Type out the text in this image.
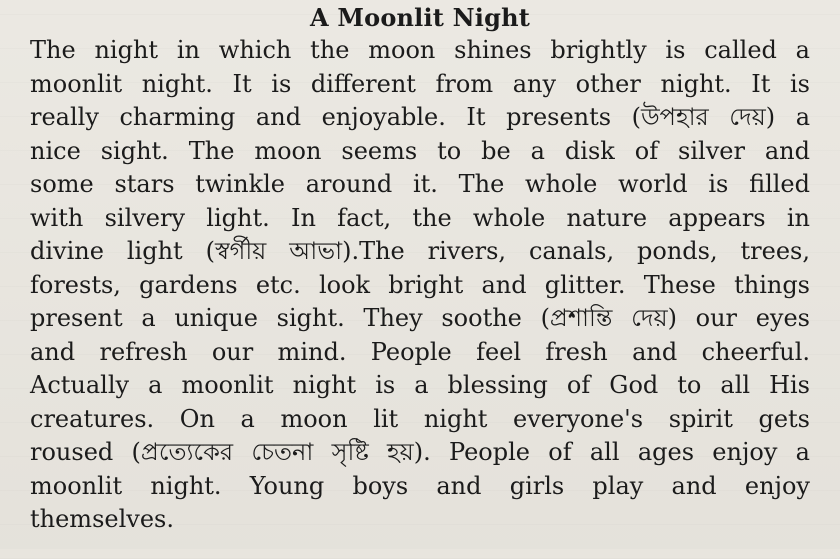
A Moonlit Night
The night in which the moon shines brightly is called a
moonlit night. It is different from any other night. It is
really charming and enjoyable. It presents (উপহার দেয়) a
nice sight. The moon seems to be a disk of silver and
some stars twinkle around it. The whole world is filled
with silvery light. In fact, the whole nature appears in
divine light (স্বর্গীয় আভা).The rivers, canals, ponds, trees,
forests, gardens etc. look bright and glitter. These things
present a unique sight. They soothe (প্রশান্তি দেয়) our eyes
and refresh our mind. People feel fresh and cheerful.
Actually a moonlit night is a blessing of God to all His
creatures. On a moon lit night everyone's spirit gets
roused (প্রত্যেকের চেতনা সৃষ্টি হয়). People of all ages enjoy a
moonlit night. Young boys and girls play and enjoy
themselves.
